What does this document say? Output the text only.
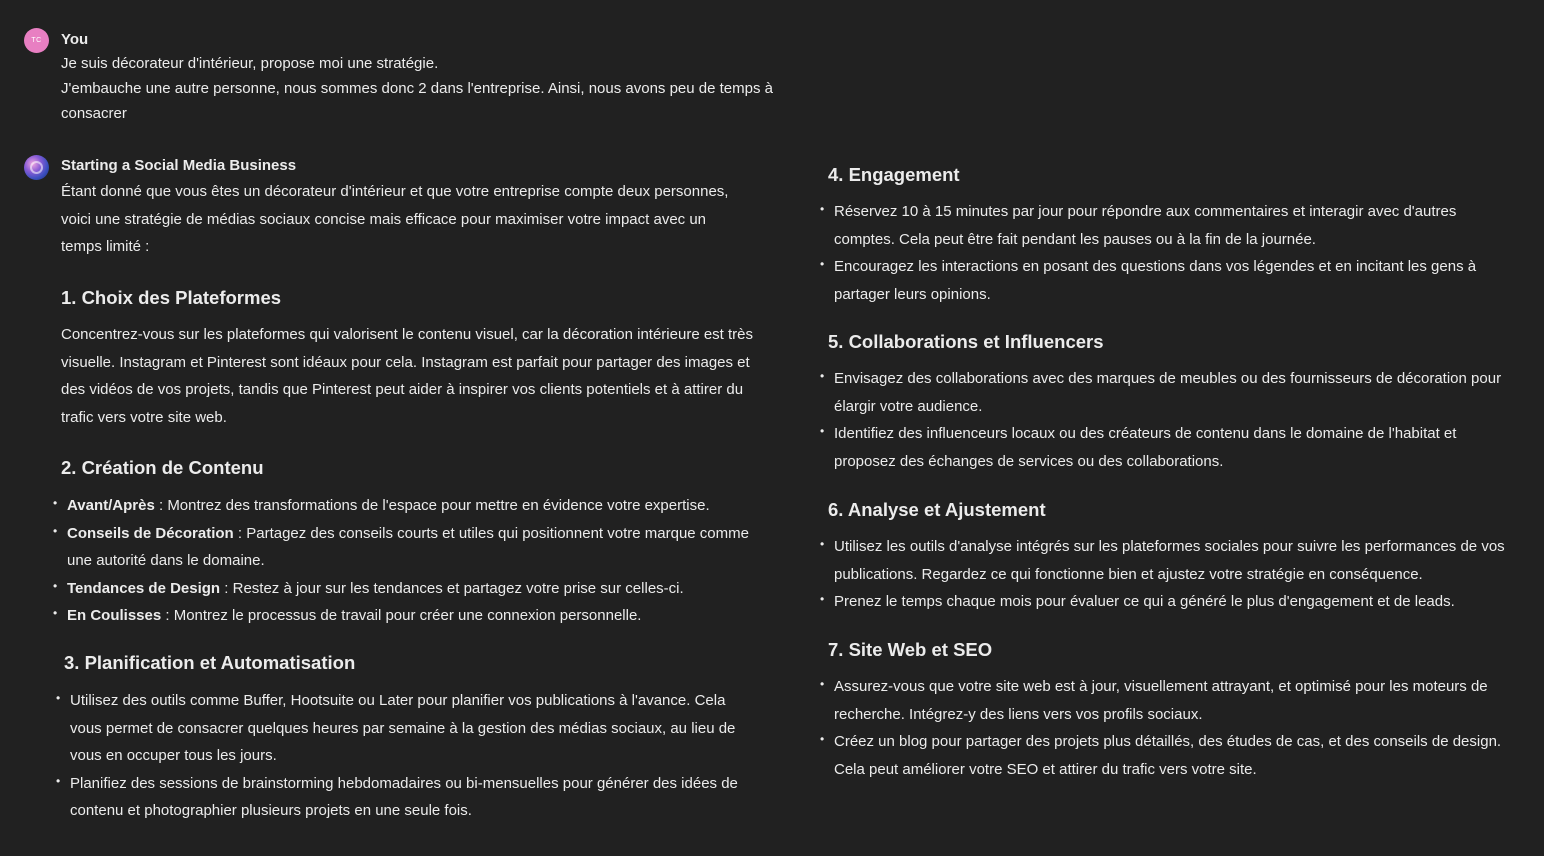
TC You

Je suis décorateur d'intérieur, propose moi une stratégie.

J'embauche une autre personne, nous sommes donc 2 dans l'entreprise. Ainsi, nous avons peu de temps à consacrer

Starting a Social Media Business

Étant donné que vous êtes un décorateur d'intérieur et que votre entreprise compte deux personnes, voici une stratégie de médias sociaux concise mais efficace pour maximiser votre impact avec un temps limité :

1. Choix des Plateformes

Concentrez-vous sur les plateformes qui valorisent le contenu visuel, car la décoration intérieure est très visuelle. Instagram et Pinterest sont idéaux pour cela. Instagram est parfait pour partager des images et des vidéos de vos projets, tandis que Pinterest peut aider à inspirer vos clients potentiels et à attirer du trafic vers votre site web.

2. Création de Contenu
• Avant/Après : Montrez des transformations de l'espace pour mettre en évidence votre expertise.
• Conseils de Décoration : Partagez des conseils courts et utiles qui positionnent votre marque comme une autorité dans le domaine.
• Tendances de Design : Restez à jour sur les tendances et partagez votre prise sur celles-ci.
• En Coulisses : Montrez le processus de travail pour créer une connexion personnelle.
3. Planification et Automatisation
• Utilisez des outils comme Buffer, Hootsuite ou Later pour planifier vos publications à l'avance. Cela vous permet de consacrer quelques heures par semaine à la gestion des médias sociaux, au lieu de vous en occuper tous les jours.
• Planifiez des sessions de brainstorming hebdomadaires ou bi-mensuelles pour générer des idées de contenu et photographier plusieurs projets en une seule fois.
4. Engagement
• Réservez 10 à 15 minutes par jour pour répondre aux commentaires et interagir avec d'autres comptes. Cela peut être fait pendant les pauses ou à la fin de la journée.
• Encouragez les interactions en posant des questions dans vos légendes et en incitant les gens à partager leurs opinions.
5. Collaborations et Influencers
• Envisagez des collaborations avec des marques de meubles ou des fournisseurs de décoration pour élargir votre audience.
• Identifiez des influenceurs locaux ou des créateurs de contenu dans le domaine de l'habitat et proposez des échanges de services ou des collaborations.
6. Analyse et Ajustement
• Utilisez les outils d'analyse intégrés sur les plateformes sociales pour suivre les performances de vos publications. Regardez ce qui fonctionne bien et ajustez votre stratégie en conséquence.
• Prenez le temps chaque mois pour évaluer ce qui a généré le plus d'engagement et de leads.
7. Site Web et SEO
• Assurez-vous que votre site web est à jour, visuellement attrayant, et optimisé pour les moteurs de recherche. Intégrez-y des liens vers vos profils sociaux.
• Créez un blog pour partager des projets plus détaillés, des études de cas, et des conseils de design. Cela peut améliorer votre SEO et attirer du trafic vers votre site.
